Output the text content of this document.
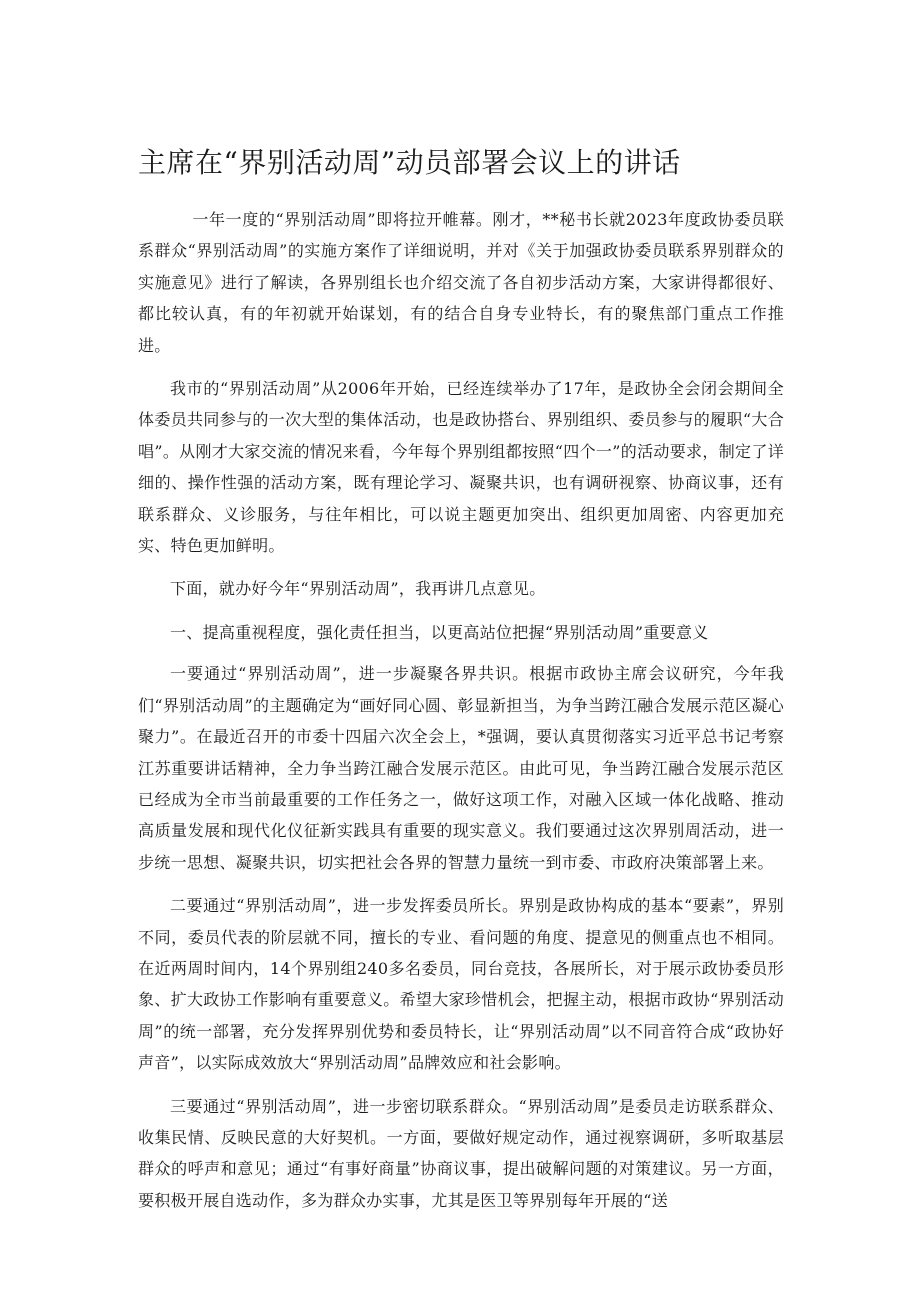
主席在“界别活动周”动员部署会议上的讲话

一年一度的“界别活动周”即将拉开帷幕。刚才，**秘书长就2023年度政协委员联系群众“界别活动周”的实施方案作了详细说明，并对《关于加强政协委员联系界别群众的实施意见》进行了解读，各界别组长也介绍交流了各自初步活动方案，大家讲得都很好、都比较认真，有的年初就开始谋划，有的结合自身专业特长，有的聚焦部门重点工作推进。

我市的“界别活动周”从2006年开始，已经连续举办了17年，是政协全会闭会期间全体委员共同参与的一次大型的集体活动，也是政协搭台、界别组织、委员参与的履职“大合唱”。从刚才大家交流的情况来看，今年每个界别组都按照“四个一”的活动要求，制定了详细的、操作性强的活动方案，既有理论学习、凝聚共识，也有调研视察、协商议事，还有联系群众、义诊服务，与往年相比，可以说主题更加突出、组织更加周密、内容更加充实、特色更加鲜明。

下面，就办好今年“界别活动周”，我再讲几点意见。

一、提高重视程度，强化责任担当，以更高站位把握“界别活动周”重要意义

一要通过“界别活动周”，进一步凝聚各界共识。根据市政协主席会议研究，今年我们“界别活动周”的主题确定为“画好同心圆、彰显新担当，为争当跨江融合发展示范区凝心聚力”。在最近召开的市委十四届六次全会上，*强调，要认真贯彻落实习近平总书记考察江苏重要讲话精神，全力争当跨江融合发展示范区。由此可见，争当跨江融合发展示范区已经成为全市当前最重要的工作任务之一，做好这项工作，对融入区域一体化战略、推动高质量发展和现代化仪征新实践具有重要的现实意义。我们要通过这次界别周活动，进一步统一思想、凝聚共识，切实把社会各界的智慧力量统一到市委、市政府决策部署上来。

二要通过“界别活动周”，进一步发挥委员所长。界别是政协构成的基本“要素”，界别不同，委员代表的阶层就不同，擅长的专业、看问题的角度、提意见的侧重点也不相同。在近两周时间内，14个界别组240多名委员，同台竞技，各展所长，对于展示政协委员形象、扩大政协工作影响有重要意义。希望大家珍惜机会，把握主动，根据市政协“界别活动周”的统一部署，充分发挥界别优势和委员特长，让“界别活动周”以不同音符合成“政协好声音”，以实际成效放大“界别活动周”品牌效应和社会影响。

三要通过“界别活动周”，进一步密切联系群众。“界别活动周”是委员走访联系群众、收集民情、反映民意的大好契机。一方面，要做好规定动作，通过视察调研，多听取基层群众的呼声和意见；通过“有事好商量”协商议事，提出破解问题的对策建议。另一方面，要积极开展自选动作，多为群众办实事，尤其是医卫等界别每年开展的“送
